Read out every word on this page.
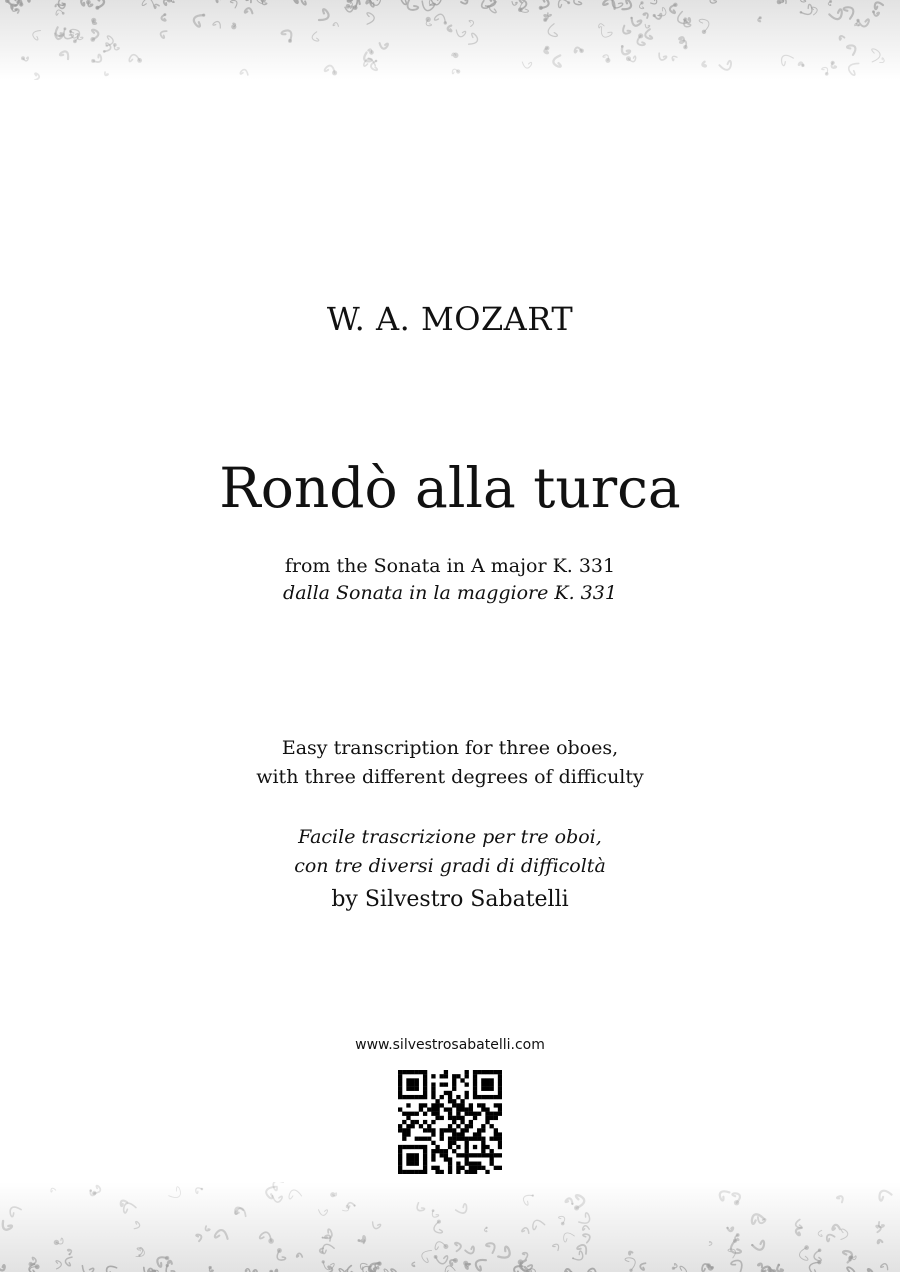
W. A. MOZART
Rondò alla turca
from the Sonata in A major K. 331
dalla Sonata in la maggiore K. 331
Easy transcription for three oboes,
with three different degrees of difficulty
Facile trascrizione per tre oboi,
con tre diversi gradi di difficoltà
by Silvestro Sabatelli
www.silvestrosabatelli.com
